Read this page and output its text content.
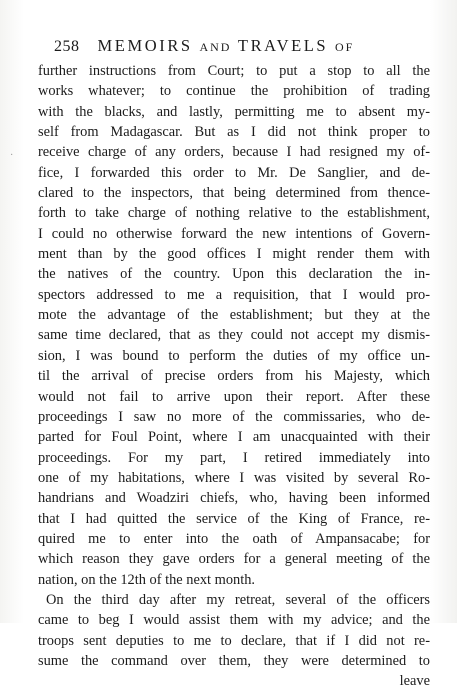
258 MEMOIRS AND TRAVELS OF
further instructions from Court; to put a stop to all the
works whatever; to continue the prohibition of trading
with the blacks, and lastly, permitting me to absent my-
self from Madagascar. But as I did not think proper to
receive charge of any orders, because I had resigned my of-
fice, I forwarded this order to Mr. De Sanglier, and de-
clared to the inspectors, that being determined from thence-
forth to take charge of nothing relative to the establishment,
I could no otherwise forward the new intentions of Govern-
ment than by the good offices I might render them with
the natives of the country. Upon this declaration the in-
spectors addressed to me a requisition, that I would pro-
mote the advantage of the establishment; but they at the
same time declared, that as they could not accept my dismis-
sion, I was bound to perform the duties of my office un-
til the arrival of precise orders from his Majesty, which
would not fail to arrive upon their report. After these
proceedings I saw no more of the commissaries, who de-
parted for Foul Point, where I am unacquainted with their
proceedings. For my part, I retired immediately into
one of my habitations, where I was visited by several Ro-
handrians and Woadziri chiefs, who, having been informed
that I had quitted the service of the King of France, re-
quired me to enter into the oath of Ampansacabe; for
which reason they gave orders for a general meeting of the
nation, on the 12th of the next month.
On the third day after my retreat, several of the officers
came to beg I would assist them with my advice; and the
troops sent deputies to me to declare, that if I did not re-
sume the command over them, they were determined to
leave
·
